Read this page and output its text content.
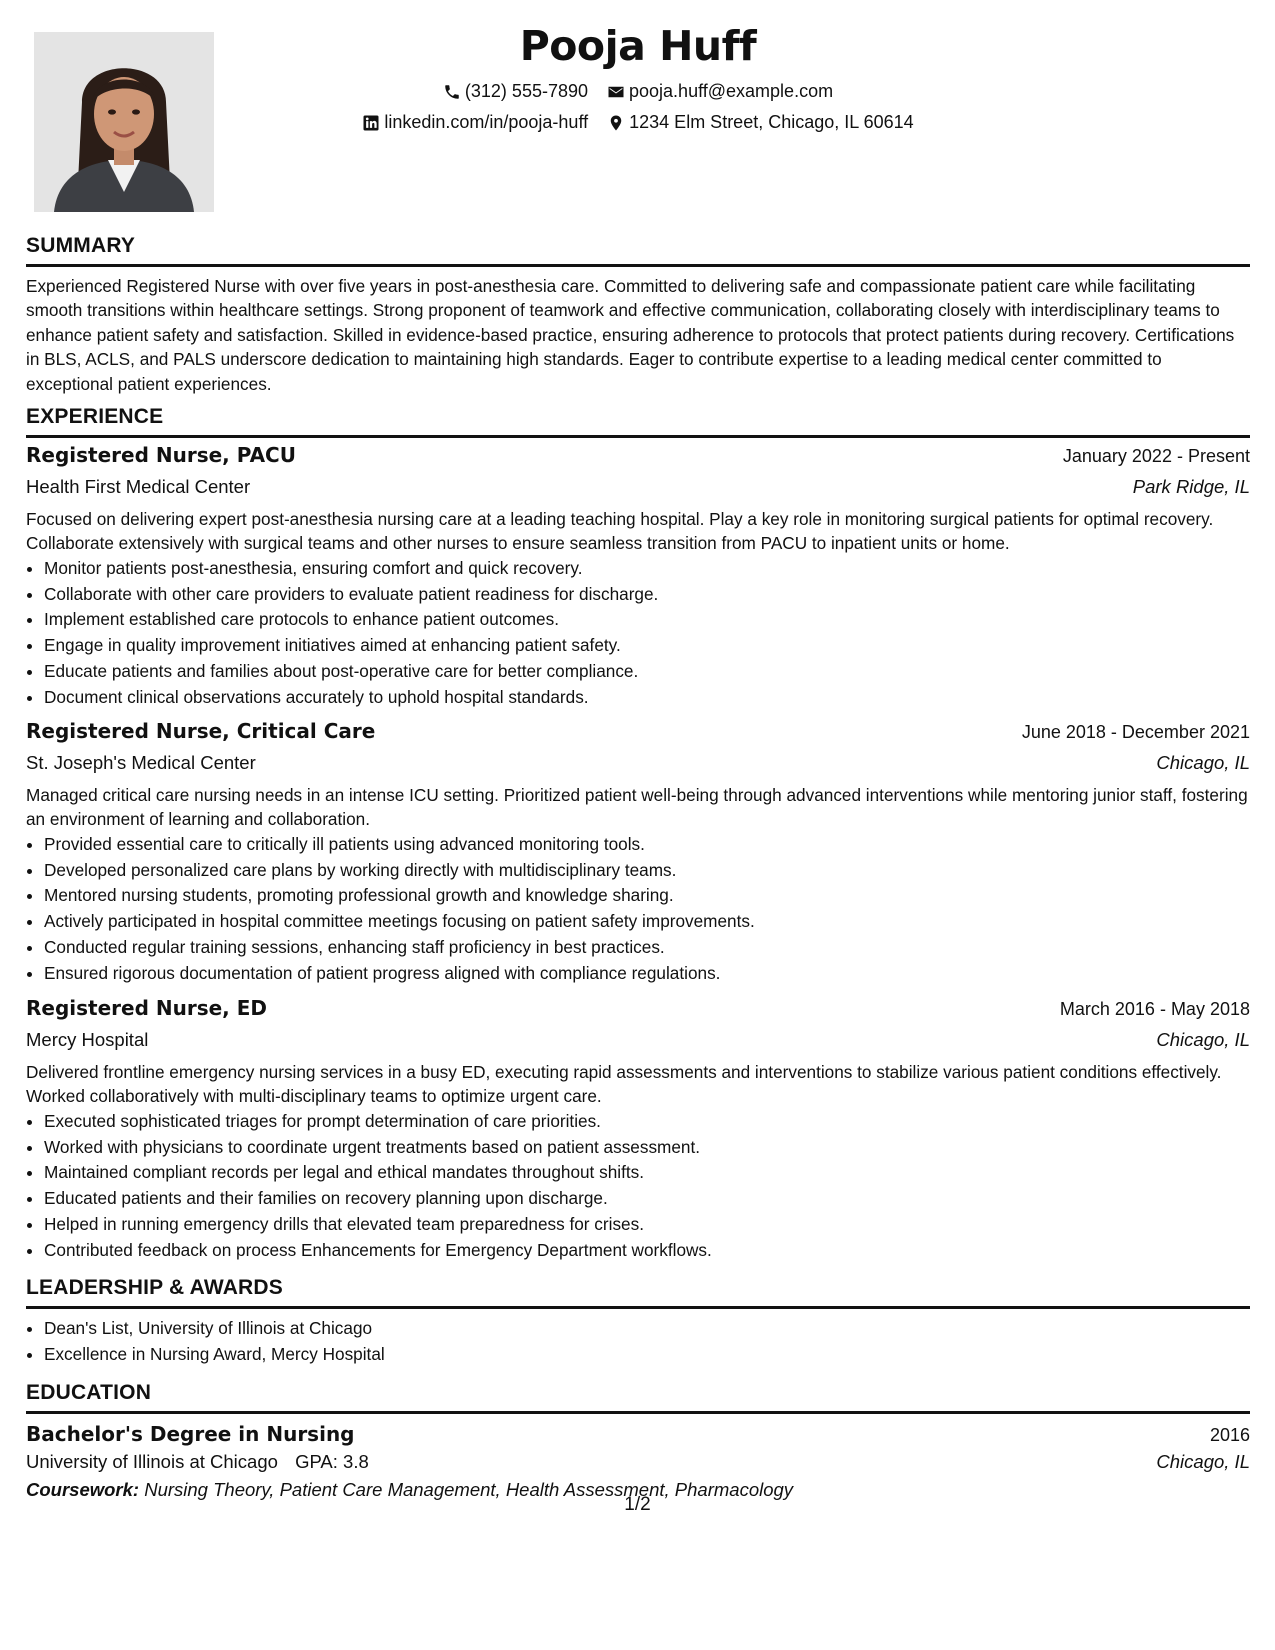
Pooja Huff
(312) 555-7890
pooja.huff@example.com
linkedin.com/in/pooja-huff
1234 Elm Street, Chicago, IL 60614
SUMMARY
Experienced Registered Nurse with over five years in post-anesthesia care. Committed to delivering safe and compassionate patient care while facilitating smooth transitions within healthcare settings. Strong proponent of teamwork and effective communication, collaborating closely with interdisciplinary teams to enhance patient safety and satisfaction. Skilled in evidence-based practice, ensuring adherence to protocols that protect patients during recovery. Certifications in BLS, ACLS, and PALS underscore dedication to maintaining high standards. Eager to contribute expertise to a leading medical center committed to exceptional patient experiences.
EXPERIENCE
Registered Nurse, PACU	January 2022 - Present
Health First Medical Center	Park Ridge, IL
Focused on delivering expert post-anesthesia nursing care at a leading teaching hospital. Play a key role in monitoring surgical patients for optimal recovery. Collaborate extensively with surgical teams and other nurses to ensure seamless transition from PACU to inpatient units or home.
• Monitor patients post-anesthesia, ensuring comfort and quick recovery.
• Collaborate with other care providers to evaluate patient readiness for discharge.
• Implement established care protocols to enhance patient outcomes.
• Engage in quality improvement initiatives aimed at enhancing patient safety.
• Educate patients and families about post-operative care for better compliance.
• Document clinical observations accurately to uphold hospital standards.
Registered Nurse, Critical Care	June 2018 - December 2021
St. Joseph's Medical Center	Chicago, IL
Managed critical care nursing needs in an intense ICU setting. Prioritized patient well-being through advanced interventions while mentoring junior staff, fostering an environment of learning and collaboration.
• Provided essential care to critically ill patients using advanced monitoring tools.
• Developed personalized care plans by working directly with multidisciplinary teams.
• Mentored nursing students, promoting professional growth and knowledge sharing.
• Actively participated in hospital committee meetings focusing on patient safety improvements.
• Conducted regular training sessions, enhancing staff proficiency in best practices.
• Ensured rigorous documentation of patient progress aligned with compliance regulations.
Registered Nurse, ED	March 2016 - May 2018
Mercy Hospital	Chicago, IL
Delivered frontline emergency nursing services in a busy ED, executing rapid assessments and interventions to stabilize various patient conditions effectively. Worked collaboratively with multi-disciplinary teams to optimize urgent care.
• Executed sophisticated triages for prompt determination of care priorities.
• Worked with physicians to coordinate urgent treatments based on patient assessment.
• Maintained compliant records per legal and ethical mandates throughout shifts.
• Educated patients and their families on recovery planning upon discharge.
• Helped in running emergency drills that elevated team preparedness for crises.
• Contributed feedback on process Enhancements for Emergency Department workflows.
LEADERSHIP & AWARDS
• Dean's List, University of Illinois at Chicago
• Excellence in Nursing Award, Mercy Hospital
EDUCATION
Bachelor's Degree in Nursing	2016
University of Illinois at Chicago GPA: 3.8	Chicago, IL
Coursework: Nursing Theory, Patient Care Management, Health Assessment, Pharmacology
1/2
